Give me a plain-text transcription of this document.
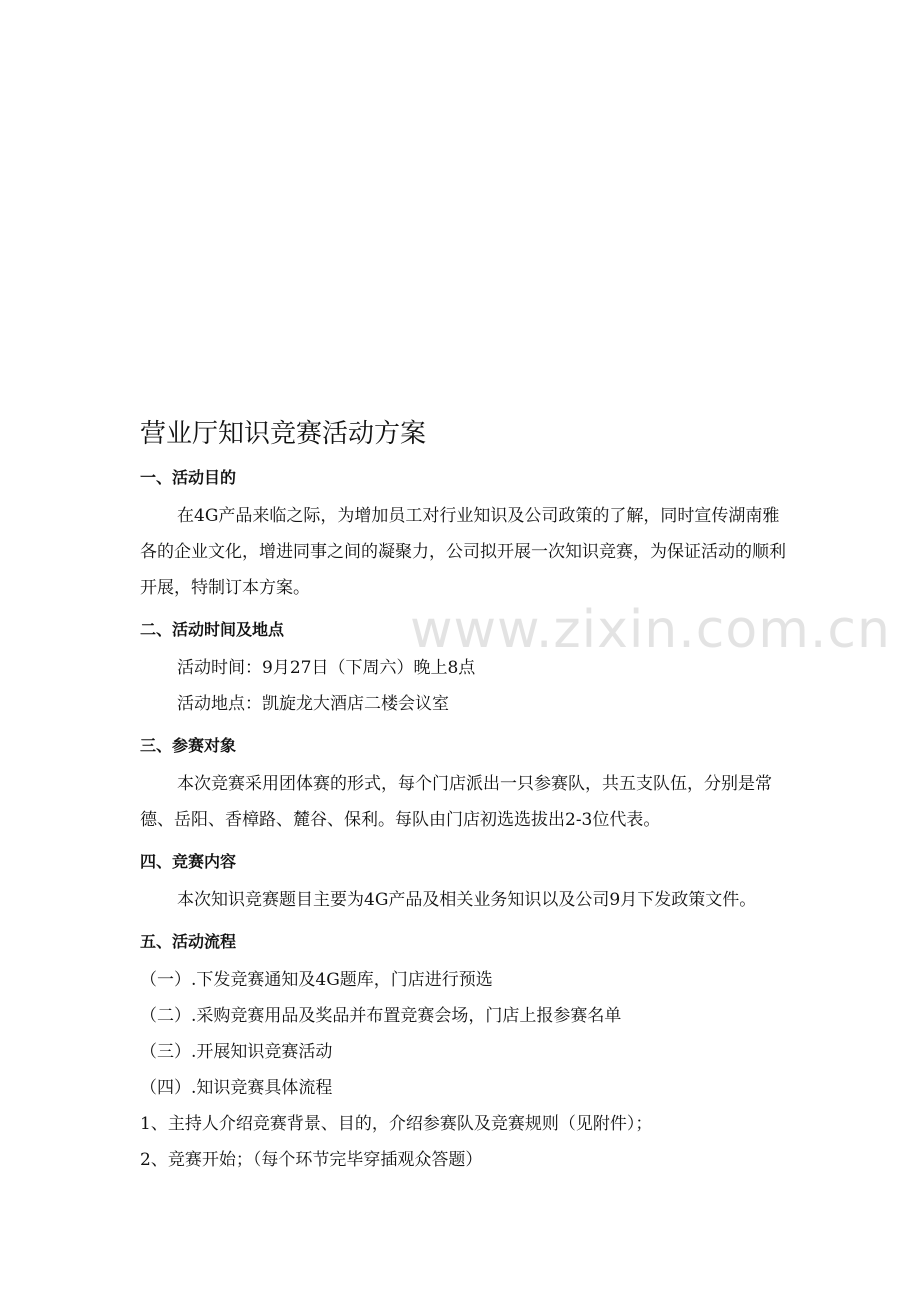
www.zixin.com.cn
营业厅知识竞赛活动方案
一、活动目的

在4G产品来临之际，为增加员工对行业知识及公司政策的了解，同时宣传湖南雅各的企业文化，增进同事之间的凝聚力，公司拟开展一次知识竞赛，为保证活动的顺利开展，特制订本方案。

二、活动时间及地点

活动时间：9月27日（下周六）晚上8点

活动地点：凯旋龙大酒店二楼会议室

三、参赛对象

本次竞赛采用团体赛的形式，每个门店派出一只参赛队，共五支队伍，分别是常德、岳阳、香樟路、麓谷、保利。每队由门店初选选拔出2-3位代表。

四、竞赛内容

本次知识竞赛题目主要为4G产品及相关业务知识以及公司9月下发政策文件。

五、活动流程

（一）.下发竞赛通知及4G题库，门店进行预选

（二）.采购竞赛用品及奖品并布置竞赛会场，门店上报参赛名单

（三）.开展知识竞赛活动

（四）.知识竞赛具体流程

1、主持人介绍竞赛背景、目的，介绍参赛队及竞赛规则（见附件）；

2、竞赛开始；（每个环节完毕穿插观众答题）
